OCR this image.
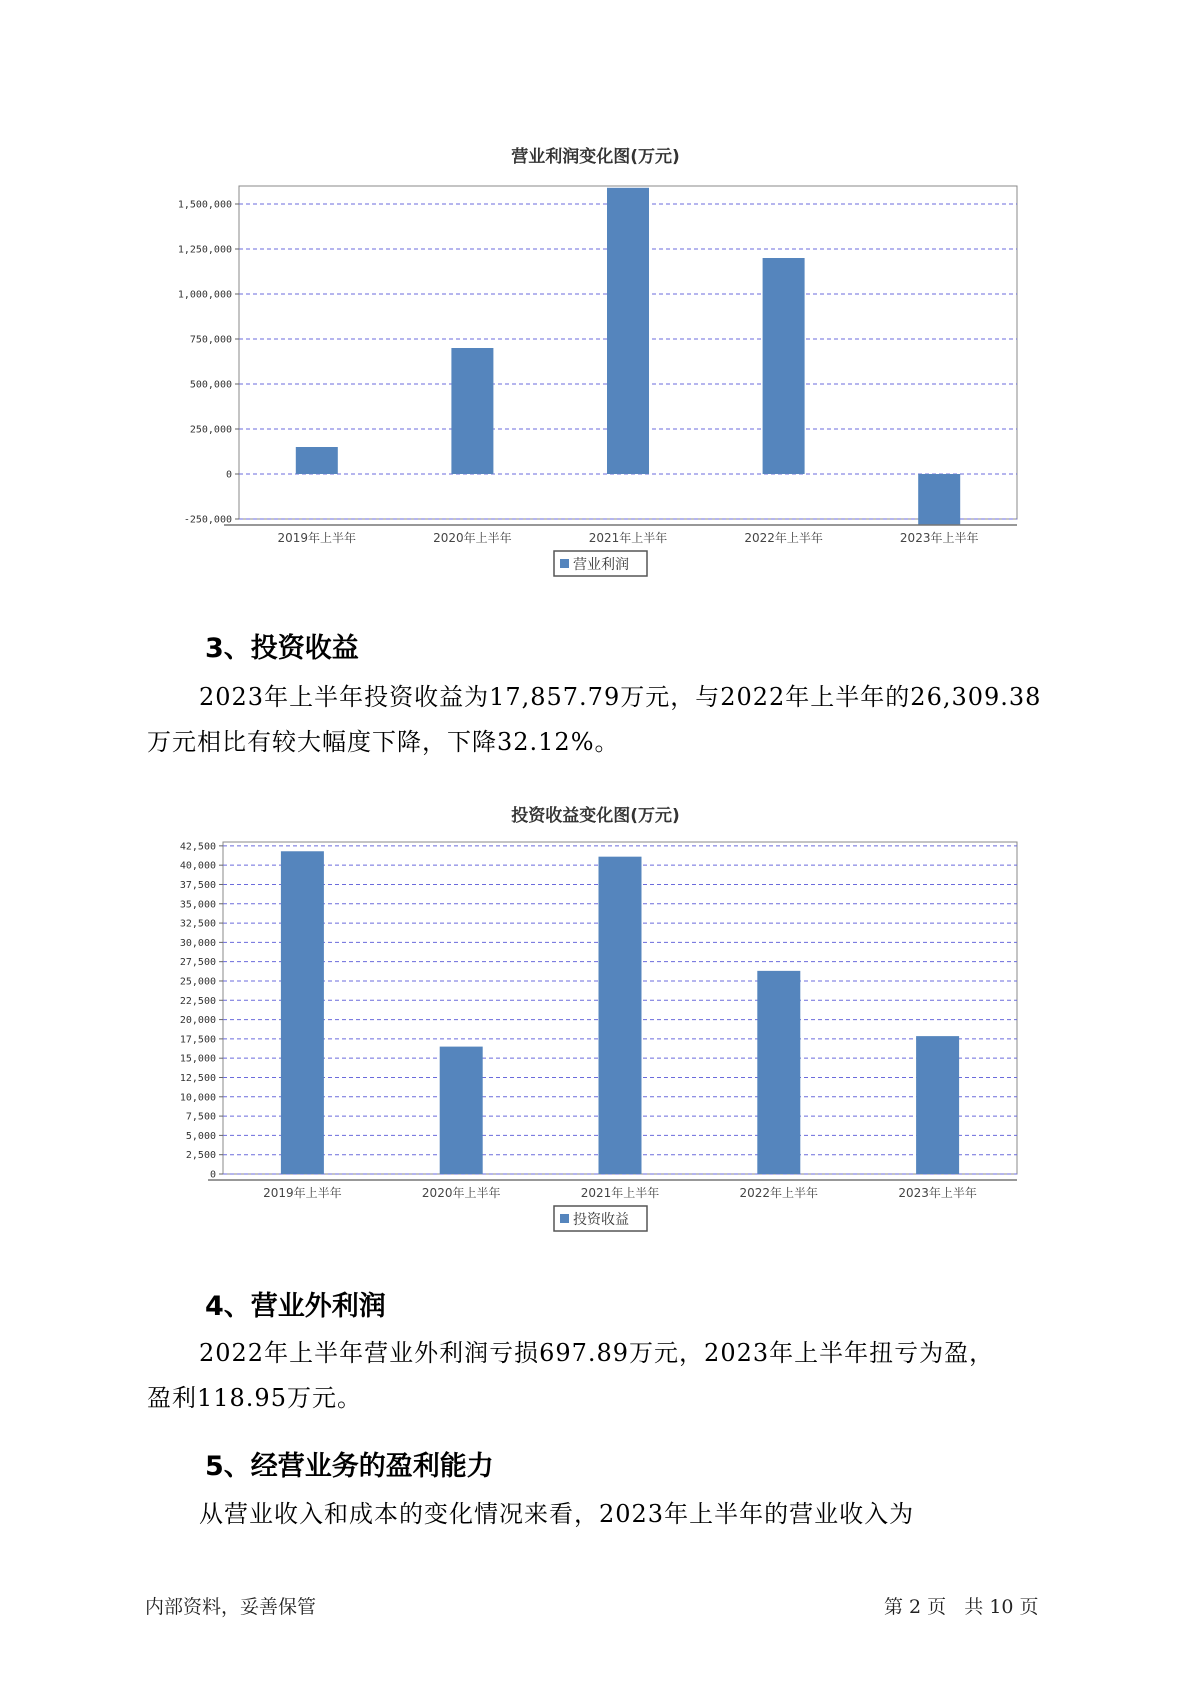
营业利润变化图(万元)
-250,000
0
250,000
500,000
750,000
1,000,000
1,250,000
1,500,000
2019年上半年	2020年上半年	2021年上半年	2022年上半年	2023年上半年
营业利润
3、投资收益
2023年上半年投资收益为17,857.79万元，与2022年上半年的26,309.38
万元相比有较大幅度下降，下降32.12%。
投资收益变化图(万元)
0
2,500
5,000
7,500
10,000
12,500
15,000
17,500
20,000
22,500
25,000
27,500
30,000
32,500
35,000
37,500
40,000
42,500
2019年上半年	2020年上半年	2021年上半年	2022年上半年	2023年上半年
投资收益
4、营业外利润
2022年上半年营业外利润亏损697.89万元，2023年上半年扭亏为盈，
盈利118.95万元。
5、经营业务的盈利能力
从营业收入和成本的变化情况来看，2023年上半年的营业收入为
内部资料，妥善保管	第 2 页   共 10 页
